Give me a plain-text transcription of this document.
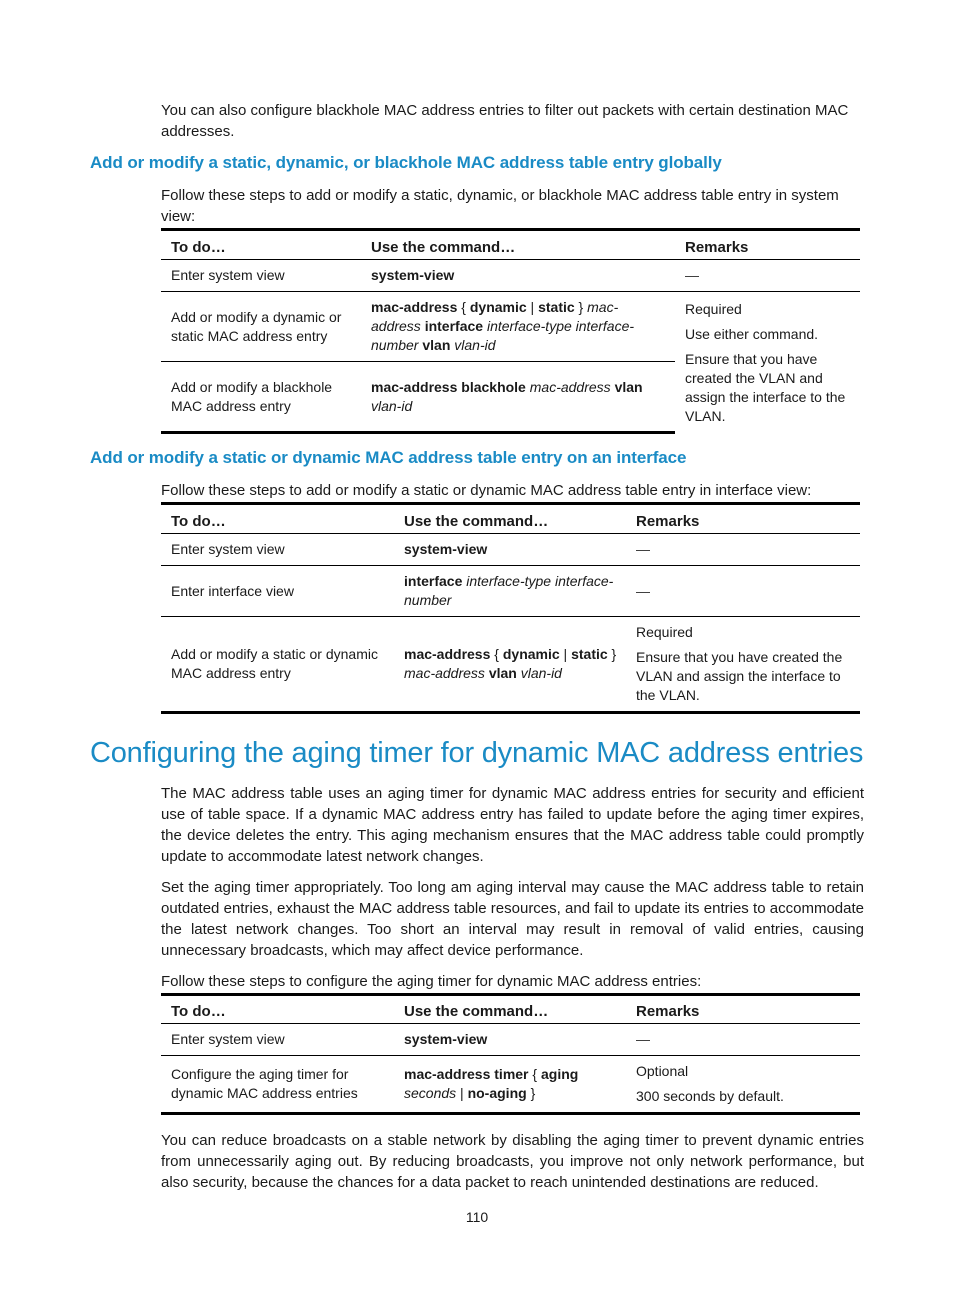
You can also configure blackhole MAC address entries to filter out packets with certain destination MAC addresses.

Add or modify a static, dynamic, or blackhole MAC address table entry globally

Follow these steps to add or modify a static, dynamic, or blackhole MAC address table entry in system view:

To do…	Use the command…	Remarks
Enter system view	system-view	—
Add or modify a dynamic or static MAC address entry	mac-address { dynamic | static } mac-address interface interface-type interface-number vlan vlan-id	Required

Use either command.

Ensure that you have created the VLAN and assign the interface to the VLAN.

Add or modify a blackhole MAC address entry	mac-address blackhole mac-address vlan vlan-id	
Add or modify a static or dynamic MAC address table entry on an interface

Follow these steps to add or modify a static or dynamic MAC address table entry in interface view:

To do…	Use the command…	Remarks
Enter system view	system-view	—
Enter interface view	interface interface-type interface-number	—
Add or modify a static or dynamic MAC address entry	mac-address { dynamic | static } mac-address vlan vlan-id	Required

Ensure that you have created the VLAN and assign the interface to the VLAN.

Configuring the aging timer for dynamic MAC address entries

The MAC address table uses an aging timer for dynamic MAC address entries for security and efficient use of table space. If a dynamic MAC address entry has failed to update before the aging timer expires, the device deletes the entry. This aging mechanism ensures that the MAC address table could promptly update to accommodate latest network changes.

Set the aging timer appropriately. Too long am aging interval may cause the MAC address table to retain outdated entries, exhaust the MAC address table resources, and fail to update its entries to accommodate the latest network changes. Too short an interval may result in removal of valid entries, causing unnecessary broadcasts, which may affect device performance.

Follow these steps to configure the aging timer for dynamic MAC address entries:

To do…	Use the command…	Remarks
Enter system view	system-view	—
Configure the aging timer for dynamic MAC address entries	mac-address timer { aging seconds | no-aging }	Optional

300 seconds by default.

You can reduce broadcasts on a stable network by disabling the aging timer to prevent dynamic entries from unnecessarily aging out. By reducing broadcasts, you improve not only network performance, but also security, because the chances for a data packet to reach unintended destinations are reduced.

110
